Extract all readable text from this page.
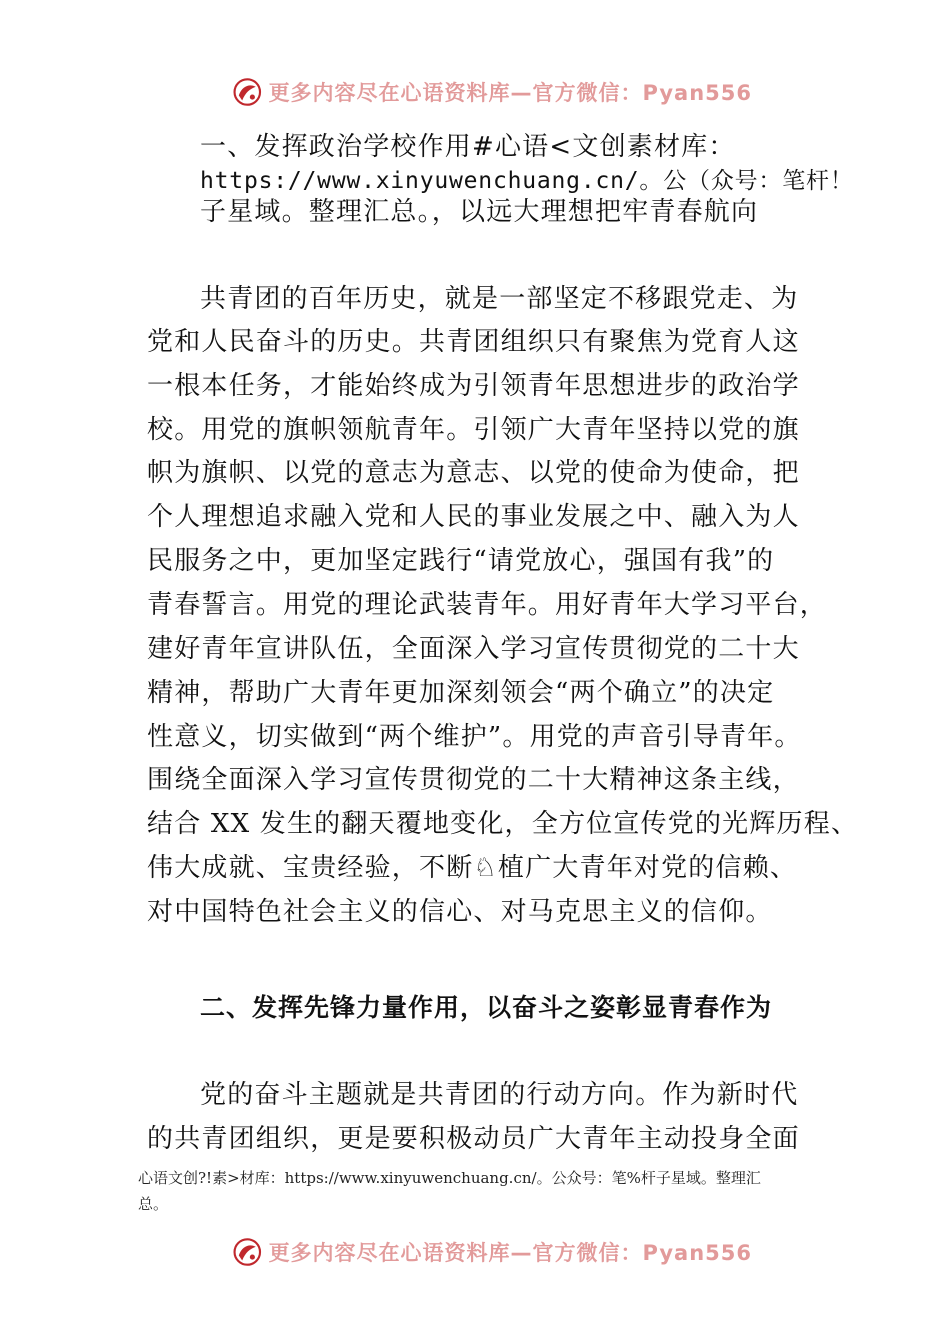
更多内容尽在心语资料库—官方微信：Pyan556
一、发挥政治学校作用#心语<文创素材库：
https://www.xinyuwenchuang.cn/。公（众号：笔杆！
子星域。整理汇总。，以远大理想把牢青春航向
共青团的百年历史，就是一部坚定不移跟党走、为
党和人民奋斗的历史。共青团组织只有聚焦为党育人这
一根本任务，才能始终成为引领青年思想进步的政治学
校。用党的旗帜领航青年。引领广大青年坚持以党的旗
帜为旗帜、以党的意志为意志、以党的使命为使命，把
个人理想追求融入党和人民的事业发展之中、融入为人
民服务之中，更加坚定践行“请党放心，强国有我”的
青春誓言。用党的理论武装青年。用好青年大学习平台，
建好青年宣讲队伍，全面深入学习宣传贯彻党的二十大
精神，帮助广大青年更加深刻领会“两个确立”的决定
性意义，切实做到“两个维护”。用党的声音引导青年。
围绕全面深入学习宣传贯彻党的二十大精神这条主线，
结合 XX 发生的翻天覆地变化，全方位宣传党的光辉历程、
伟大成就、宝贵经验，不断♘植广大青年对党的信赖、
对中国特色社会主义的信心、对马克思主义的信仰。
二、发挥先锋力量作用，以奋斗之姿彰显青春作为
党的奋斗主题就是共青团的行动方向。作为新时代
的共青团组织，更是要积极动员广大青年主动投身全面
心语文创?!素>材库：https://www.xinyuwenchuang.cn/。公众号：笔%杆子星域。整理汇
总。
更多内容尽在心语资料库—官方微信：Pyan556
